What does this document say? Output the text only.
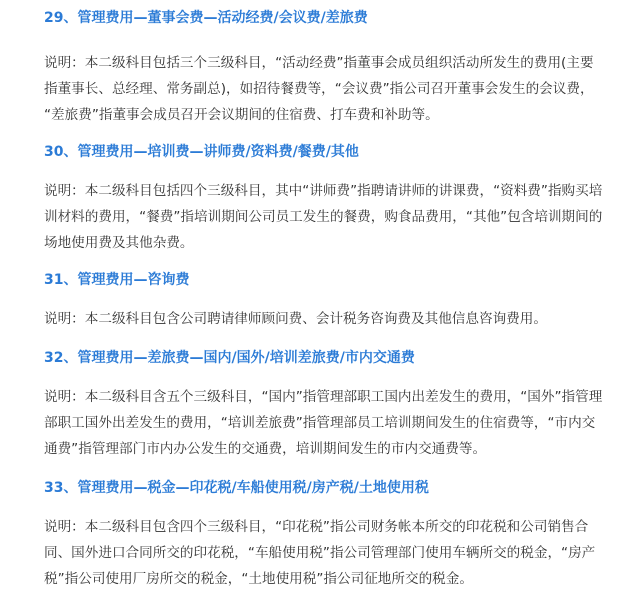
29、管理费用—董事会费—活动经费/会议费/差旅费
说明：本二级科目包括三个三级科目，“活动经费”指董事会成员组织活动所发生的费用(主要
指董事长、总经理、常务副总)，如招待餐费等，“会议费”指公司召开董事会发生的会议费，
“差旅费”指董事会成员召开会议期间的住宿费、打车费和补助等。
30、管理费用—培训费—讲师费/资料费/餐费/其他
说明：本二级科目包括四个三级科目，其中“讲师费”指聘请讲师的讲课费，“资料费”指购买培
训材料的费用，“餐费”指培训期间公司员工发生的餐费，购食品费用，“其他”包含培训期间的
场地使用费及其他杂费。
31、管理费用—咨询费
说明：本二级科目包含公司聘请律师顾问费、会计税务咨询费及其他信息咨询费用。
32、管理费用—差旅费—国内/国外/培训差旅费/市内交通费
说明：本二级科目含五个三级科目，“国内”指管理部职工国内出差发生的费用，“国外”指管理
部职工国外出差发生的费用，“培训差旅费”指管理部员工培训期间发生的住宿费等，“市内交
通费”指管理部门市内办公发生的交通费，培训期间发生的市内交通费等。
33、管理费用—税金—印花税/车船使用税/房产税/土地使用税
说明：本二级科目包含四个三级科目，“印花税”指公司财务帐本所交的印花税和公司销售合
同、国外进口合同所交的印花税，“车船使用税”指公司管理部门使用车辆所交的税金，“房产
税”指公司使用厂房所交的税金，“土地使用税”指公司征地所交的税金。
